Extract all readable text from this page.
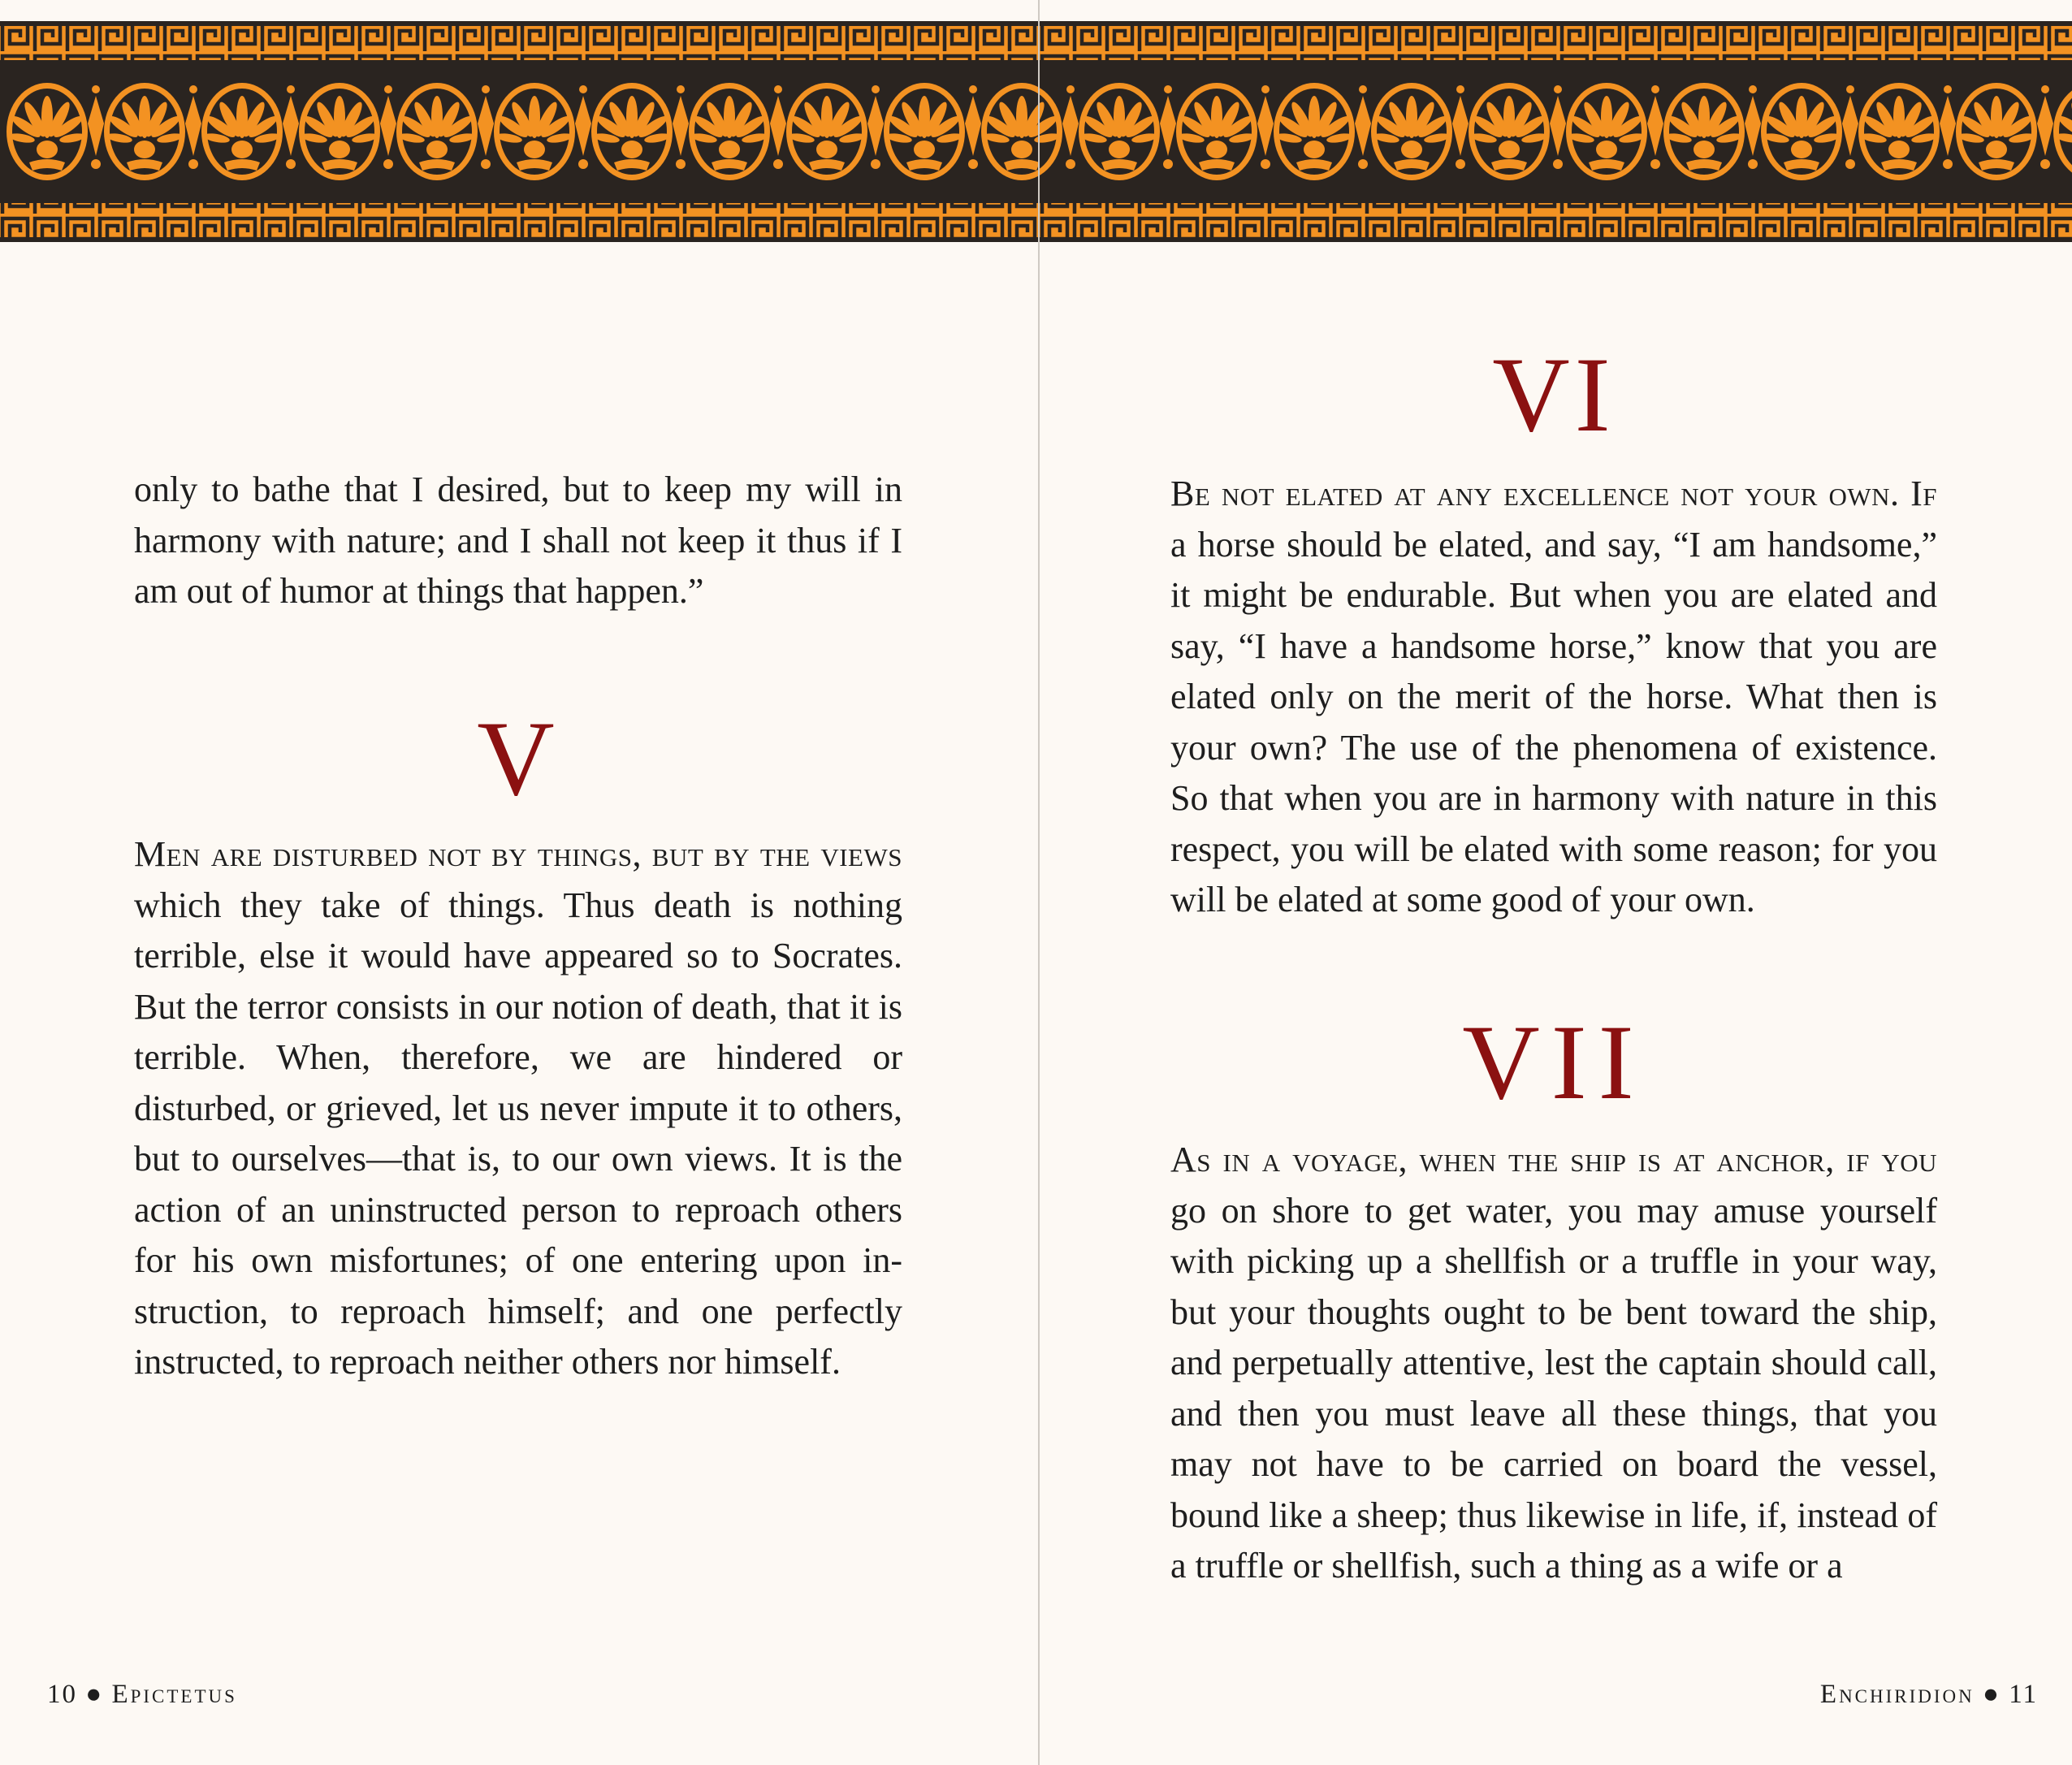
only to bathe that I desired, but to keep my will in harmony with nature; and I shall not keep it thus if I am out of humor at things that happen.”

V

Men are disturbed not by things, but by the views which they take of things. Thus death is nothing terrible, else it would have appeared so to Socrates. But the terror consists in our notion of death, that it is terrible. When, therefore, we are hindered or disturbed, or grieved, let us never impute it to others, but to ourselves—that is, to our own views. It is the action of an uninstructed person to reproach others for his own misfortunes; of one entering upon instruction, to reproach himself; and one perfectly instructed, to reproach neither others nor himself.

10 ● Epictetus
VI

Be not elated at any excellence not your own. If a horse should be elated, and say, “I am handsome,” it might be endurable. But when you are elated and say, “I have a handsome horse,” know that you are elated only on the merit of the horse. What then is your own? The use of the phenomena of existence. So that when you are in harmony with nature in this respect, you will be elated with some reason; for you will be elated at some good of your own.

VII

As in a voyage, when the ship is at anchor, if you go on shore to get water, you may amuse yourself with picking up a shellfish or a truffle in your way, but your thoughts ought to be bent toward the ship, and perpetually attentive, lest the captain should call, and then you must leave all these things, that you may not have to be carried on board the vessel, bound like a sheep; thus likewise in life, if, instead of a truffle or shellfish, such a thing as a wife or a

Enchiridion ● 11
